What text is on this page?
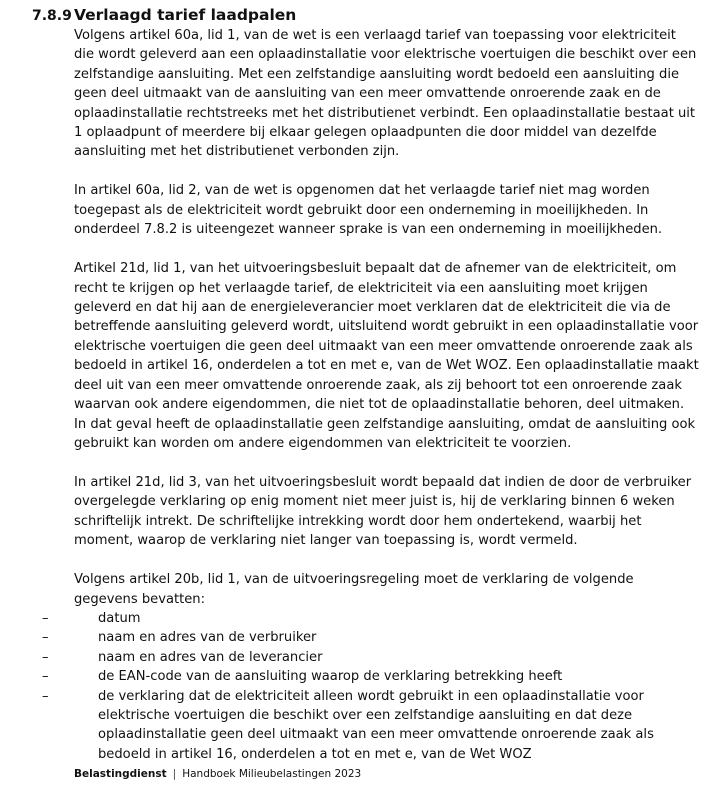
7.8.9 Verlaagd tarief laadpalen

Volgens artikel 60a, lid 1, van de wet is een verlaagd tarief van toepassing voor elektriciteit die wordt geleverd aan een oplaadinstallatie voor elektrische voertuigen die beschikt over een zelfstandige aansluiting. Met een zelfstandige aansluiting wordt bedoeld een aansluiting die geen deel uitmaakt van de aansluiting van een meer omvattende onroerende zaak en de oplaadinstallatie rechtstreeks met het distributienet verbindt. Een oplaadinstallatie bestaat uit 1 oplaadpunt of meerdere bij elkaar gelegen oplaadpunten die door middel van dezelfde aansluiting met het distributienet verbonden zijn.

In artikel 60a, lid 2, van de wet is opgenomen dat het verlaagde tarief niet mag worden toegepast als de elektriciteit wordt gebruikt door een onderneming in moeilijkheden. In onderdeel 7.8.2 is uiteengezet wanneer sprake is van een onderneming in moeilijkheden.

Artikel 21d, lid 1, van het uitvoeringsbesluit bepaalt dat de afnemer van de elektriciteit, om recht te krijgen op het verlaagde tarief, de elektriciteit via een aansluiting moet krijgen geleverd en dat hij aan de energieleverancier moet verklaren dat de elektriciteit die via de betreffende aansluiting geleverd wordt, uitsluitend wordt gebruikt in een oplaadinstallatie voor elektrische voertuigen die geen deel uitmaakt van een meer omvattende onroerende zaak als bedoeld in artikel 16, onderdelen a tot en met e, van de Wet WOZ. Een oplaadinstallatie maakt deel uit van een meer omvattende onroerende zaak, als zij behoort tot een onroerende zaak waarvan ook andere eigendommen, die niet tot de oplaadinstallatie behoren, deel uitmaken. In dat geval heeft de oplaadinstallatie geen zelfstandige aansluiting, omdat de aansluiting ook gebruikt kan worden om andere eigendommen van elektriciteit te voorzien.

In artikel 21d, lid 3, van het uitvoeringsbesluit wordt bepaald dat indien de door de verbruiker overgelegde verklaring op enig moment niet meer juist is, hij de verklaring binnen 6 weken schriftelijk intrekt. De schriftelijke intrekking wordt door hem ondertekend, waarbij het moment, waarop de verklaring niet langer van toepassing is, wordt vermeld.

Volgens artikel 20b, lid 1, van de uitvoeringsregeling moet de verklaring de volgende gegevens bevatten:

–	datum
–	naam en adres van de verbruiker
–	naam en adres van de leverancier
–	de EAN-code van de aansluiting waarop de verklaring betrekking heeft
–	de verklaring dat de elektriciteit alleen wordt gebruikt in een oplaadinstallatie voor elektrische voertuigen die beschikt over een zelfstandige aansluiting en dat deze oplaadinstallatie geen deel uitmaakt van een meer omvattende onroerende zaak als bedoeld in artikel 16, onderdelen a tot en met e, van de Wet WOZ
Belastingdienst | Handboek Milieubelastingen 2023
